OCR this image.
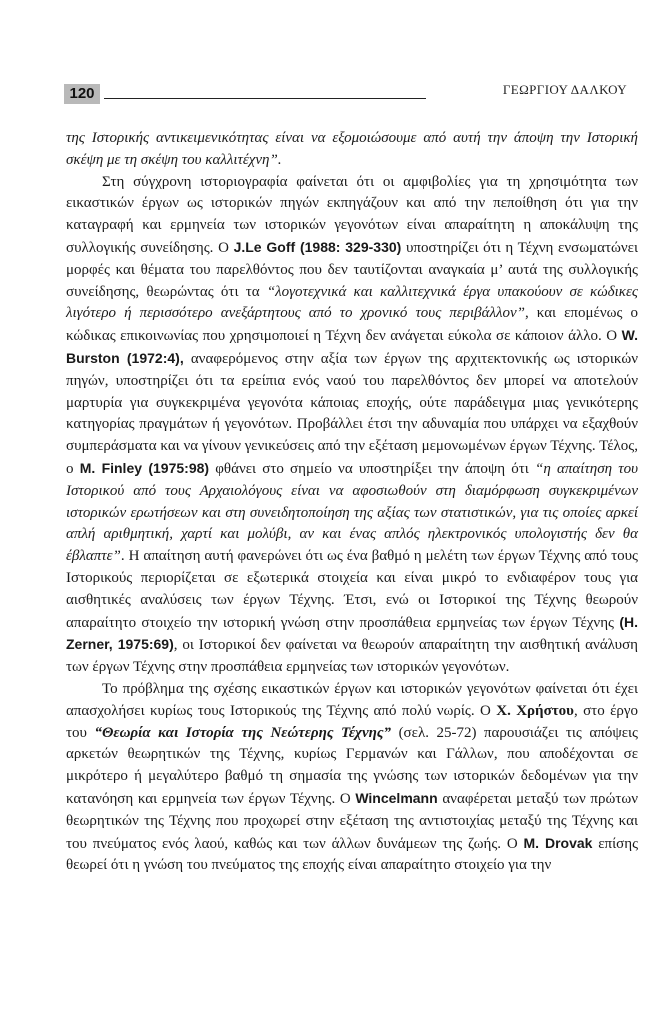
120	ΓΕΩΡΓΙΟΥ ΔΑΛΚΟΥ

της Ιστορικής αντικειμενικότητας είναι να εξομοιώσουμε από αυτή την άποψη την Ιστορική σκέψη με τη σκέψη του καλλιτέχνη”.

Στη σύγχρονη ιστοριογραφία φαίνεται ότι οι αμφιβολίες για τη χρησιμότητα των εικαστικών έργων ως ιστορικών πηγών εκπηγάζουν και από την πεποίθηση ότι για την καταγραφή και ερμηνεία των ιστορικών γεγονότων είναι απαραίτητη η αποκάλυψη της συλλογικής συνείδησης. Ο J.Le Goff (1988: 329-330) υποστηρίζει ότι η Τέχνη ενσωματώνει μορφές και θέματα του παρελθόντος που δεν ταυτίζονται αναγκαία μ’ αυτά της συλλογικής συνείδησης, θεωρώντας ότι τα “λογοτεχνικά και καλλιτεχνικά έργα υπακούουν σε κώδικες λιγότερο ή περισσότερο ανεξάρτητους από το χρονικό τους περιβάλλον”, και επομένως ο κώδικας επικοινωνίας που χρησιμοποιεί η Τέχνη δεν ανάγεται εύκολα σε κάποιον άλλο. Ο W. Burston (1972:4), αναφερόμενος στην αξία των έργων της αρχιτεκτονικής ως ιστορικών πηγών, υποστηρίζει ότι τα ερείπια ενός ναού του παρελθόντος δεν μπορεί να αποτελούν μαρτυρία για συγκεκριμένα γεγονότα κάποιας εποχής, ούτε παράδειγμα μιας γενικότερης κατηγορίας πραγμάτων ή γεγονότων. Προβάλλει έτσι την αδυναμία που υπάρχει να εξαχθούν συμπεράσματα και να γίνουν γενικεύσεις από την εξέταση μεμονωμένων έργων Τέχνης. Τέλος, ο M. Finley (1975:98) φθάνει στο σημείο να υποστηρίξει την άποψη ότι “η απαίτηση του Ιστορικού από τους Αρχαιολόγους είναι να αφοσιωθούν στη διαμόρφωση συγκεκριμένων ιστορικών ερωτήσεων και στη συνειδητοποίηση της αξίας των στατιστικών, για τις οποίες αρκεί απλή αριθμητική, χαρτί και μολύβι, αν και ένας απλός ηλεκτρονικός υπολογιστής δεν θα έβλαπτε”. Η απαίτηση αυτή φανερώνει ότι ως ένα βαθμό η μελέτη των έργων Τέχνης από τους Ιστορικούς περιορίζεται σε εξωτερικά στοιχεία και είναι μικρό το ενδιαφέρον τους για αισθητικές αναλύσεις των έργων Τέχνης. Έτσι, ενώ οι Ιστορικοί της Τέχνης θεωρούν απαραίτητο στοιχείο την ιστορική γνώση στην προσπάθεια ερμηνείας των έργων Τέχνης (H. Zerner, 1975:69), οι Ιστορικοί δεν φαίνεται να θεωρούν απαραίτητη την αισθητική ανάλυση των έργων Τέχνης στην προσπάθεια ερμηνείας των ιστορικών γεγονότων.

Το πρόβλημα της σχέσης εικαστικών έργων και ιστορικών γεγονότων φαίνεται ότι έχει απασχολήσει κυρίως τους Ιστορικούς της Τέχνης από πολύ νωρίς. Ο Χ. Χρήστου, στο έργο του “Θεωρία και Ιστορία της Νεώτερης Τέχνης” (σελ. 25-72) παρουσιάζει τις απόψεις αρκετών θεωρητικών της Τέχνης, κυρίως Γερμανών και Γάλλων, που αποδέχονται σε μικρότερο ή μεγαλύτερο βαθμό τη σημασία της γνώσης των ιστορικών δεδομένων για την κατανόηση και ερμηνεία των έργων Τέχνης. Ο Wincelmann αναφέρεται μεταξύ των πρώτων θεωρητικών της Τέχνης που προχωρεί στην εξέταση της αντιστοιχίας μεταξύ της Τέχνης και του πνεύματος ενός λαού, καθώς και των άλλων δυνάμεων της ζωής. Ο M. Drovak επίσης θεωρεί ότι η γνώση του πνεύματος της εποχής είναι απαραίτητο στοιχείο για την
